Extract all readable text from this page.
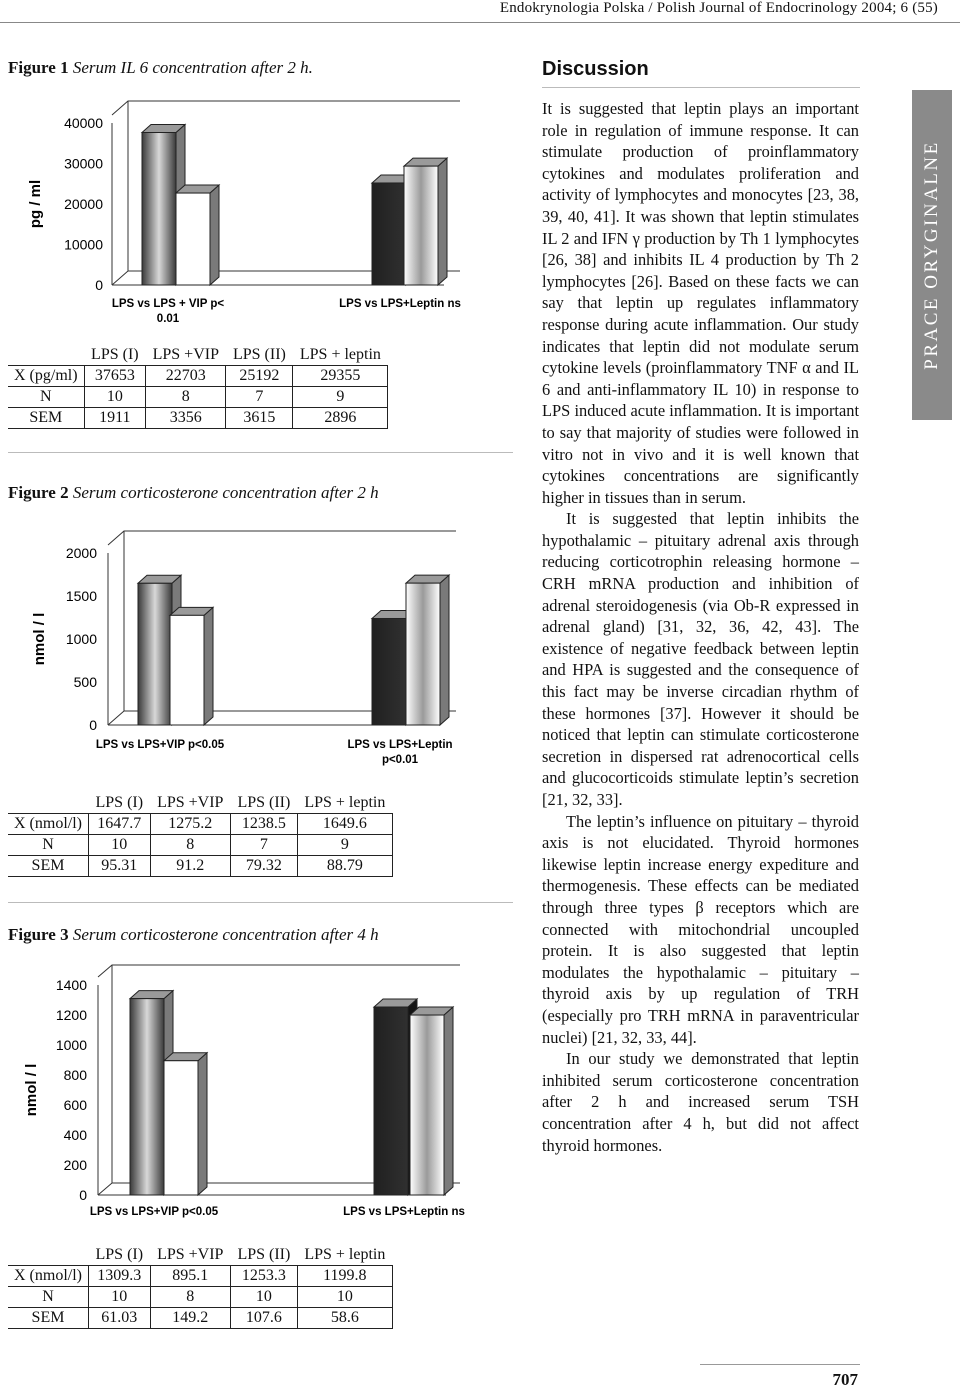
Endokrynologia Polska / Polish Journal of Endocrinology 2004; 6 (55)
Figure 1 Serum IL 6 concentration after 2 h.
pg / ml
0
10000
20000
30000
40000
LPS vs LPS + VIP p<
0.01
LPS vs LPS+Leptin ns
	LPS (I)	LPS +VIP	LPS (II)	LPS + leptin
X (pg/ml)	37653	22703	25192	29355
N	10	8	7	9
SEM	1911	3356	3615	2896
Figure 2 Serum corticosterone concentration after 2 h
nmol / l
0
500
1000
1500
2000
LPS vs LPS+VIP p<0.05	LPS vs LPS+Leptin
p<0.01
	LPS (I)	LPS +VIP	LPS (II)	LPS + leptin
X (nmol/l)	1647.7	1275.2	1238.5	1649.6
N	10	8	7	9
SEM	95.31	91.2	79.32	88.79
Figure 3 Serum corticosterone concentration after 4 h
nmol / l
0
200
400
600
800
1000
1200
1400
LPS vs LPS+VIP p<0.05	LPS vs LPS+Leptin ns
	LPS (I)	LPS +VIP	LPS (II)	LPS + leptin
X (nmol/l)	1309.3	895.1	1253.3	1199.8
N	10	8	10	10
SEM	61.03	149.2	107.6	58.6
Discussion

It is suggested that leptin plays an important role in regulation of immune response. It can stimulate production of proinflammatory cytokines and modulates proliferation and activity of lymphocytes and monocytes [23, 38, 39, 40, 41]. It was shown that leptin stimulates IL 2 and IFN γ production by Th 1 lymphocytes [26, 38] and inhibits IL 4 production by Th 2 lymphocytes [26]. Based on these facts we can say that leptin up regulates inflammatory response during acute inflammation. Our study indicates that leptin did not modulate serum cytokine levels (proinflammatory TNF α and IL 6 and anti-inflammatory IL 10) in response to LPS induced acute inflammation. It is important to say that majority of studies were followed in vitro not in vivo and it is well known that cytokines concentrations are significantly higher in tissues than in serum.

It is suggested that leptin inhibits the hypothalamic – pituitary adrenal axis through reducing corticotrophin releasing hormone – CRH mRNA production and inhibition of adrenal steroidogenesis (via Ob-R expressed in adrenal gland) [31, 32, 36, 42, 43]. The existence of negative feedback between leptin and HPA is suggested and the consequence of this fact may be inverse circadian rhythm of these hormones [37]. However it should be noticed that leptin can stimulate corticosterone secretion in dispersed rat adrenocortical cells and glucocorticoids stimulate leptin’s secretion [21, 32, 33].

The leptin’s influence on pituitary – thyroid axis is not elucidated. Thyroid hormones likewise leptin increase energy expediture and thermogenesis. These effects can be mediated through three types β receptors which are connected with mitochondrial uncoupled protein. It is also suggested that leptin modulates the hypothalamic – pituitary – thyroid axis by up regulation of TRH (especially pro TRH mRNA in paraventricular nuclei) [21, 32, 33, 44].

In our study we demonstrated that leptin inhibited serum corticosterone concentration after 2 h and increased serum TSH concentration after 4 h, but did not affect thyroid hormones.

PRACE ORYGINALNE
707
